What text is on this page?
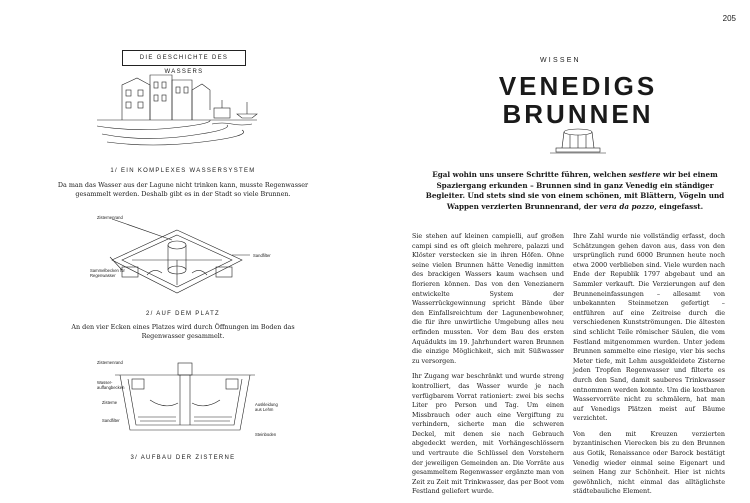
205
DIE GESCHICHTE DES WASSERS
1/ EIN KOMPLEXES WASSERSYSTEM
Da man das Wasser aus der Lagune nicht trinken kann, musste Regenwasser gesammelt werden. Deshalb gibt es in der Stadt so viele Brunnen.
Zisternenrand
Sammelbecken für Regenwasser
Sandfilter
2/ AUF DEM PLATZ
An den vier Ecken eines Platzes wird durch Öffnungen im Boden das Regenwasser gesammelt.
Zisternenrand
Wasser-auffangbecken
Zisterne
Sandfilter
Auskleidung aus Lehm
Steinboden
3/ AUFBAU DER ZISTERNE
WISSEN
VENEDIGS
BRUNNEN
Egal wohin uns unsere Schritte führen, welchen sestiere wir bei einem Spaziergang erkunden – Brunnen sind in ganz Venedig ein ständiger Begleiter. Und stets sind sie von einem schönen, mit Blättern, Vögeln und Wappen verzierten Brunnenrand, der vera da pozzo, eingefasst.

Sie stehen auf kleinen campielli, auf großen campi sind es oft gleich mehrere, palazzi und Klöster verstecken sie in ihren Höfen. Ohne seine vielen Brunnen hätte Venedig inmitten des brackigen Wassers kaum wachsen und florieren können. Das von den Venezianern entwickelte System der Wasserrückgewinnung spricht Bände über den Einfallsreichtum der Lagunenbewohner, die für ihre unwirtliche Umgebung alles neu erfinden mussten. Vor dem Bau des ersten Aquädukts im 19. Jahrhundert waren Brunnen die einzige Möglichkeit, sich mit Süßwasser zu versorgen.

Ihr Zugang war beschränkt und wurde streng kontrolliert, das Wasser wurde je nach verfügbarem Vorrat rationiert: zwei bis sechs Liter pro Person und Tag. Um einen Missbrauch oder auch eine Vergiftung zu verhindern, sicherte man die schweren Deckel, mit denen sie nach Gebrauch abgedeckt werden, mit Vorhängeschlössern und vertraute die Schlüssel den Vorstehern der jeweiligen Gemeinden an. Die Vorräte aus gesammeltem Regenwasser ergänzte man von Zeit zu Zeit mit Trinkwasser, das per Boot vom Festland geliefert wurde.

Ihre Zahl wurde nie vollständig erfasst, doch Schätzungen gehen davon aus, dass von den ursprünglich rund 6000 Brunnen heute noch etwa 2000 verblieben sind. Viele wurden nach Ende der Republik 1797 abgebaut und an Sammler verkauft. Die Verzierungen auf den Brunneneinfassungen – allesamt von unbekannten Steinmetzen gefertigt – entführen auf eine Zeitreise durch die verschiedenen Kunstströmungen. Die ältesten sind schlicht Teile römischer Säulen, die vom Festland mitgenommen wurden. Unter jedem Brunnen sammelte eine riesige, vier bis sechs Meter tiefe, mit Lehm ausgekleidete Zisterne jeden Tropfen Regenwasser und filterte es durch den Sand, damit sauberes Trinkwasser entnommen werden konnte. Um die kostbaren Wasservorräte nicht zu schmälern, hat man auf Venedigs Plätzen meist auf Bäume verzichtet.

Von den mit Kreuzen verzierten byzantinischen Vierecken bis zu den Brunnen aus Gotik, Renaissance oder Barock bestätigt Venedig wieder einmal seine Eigenart und seinen Hang zur Schönheit. Hier ist nichts gewöhnlich, nicht einmal das alltäglichste städtebauliche Element.
